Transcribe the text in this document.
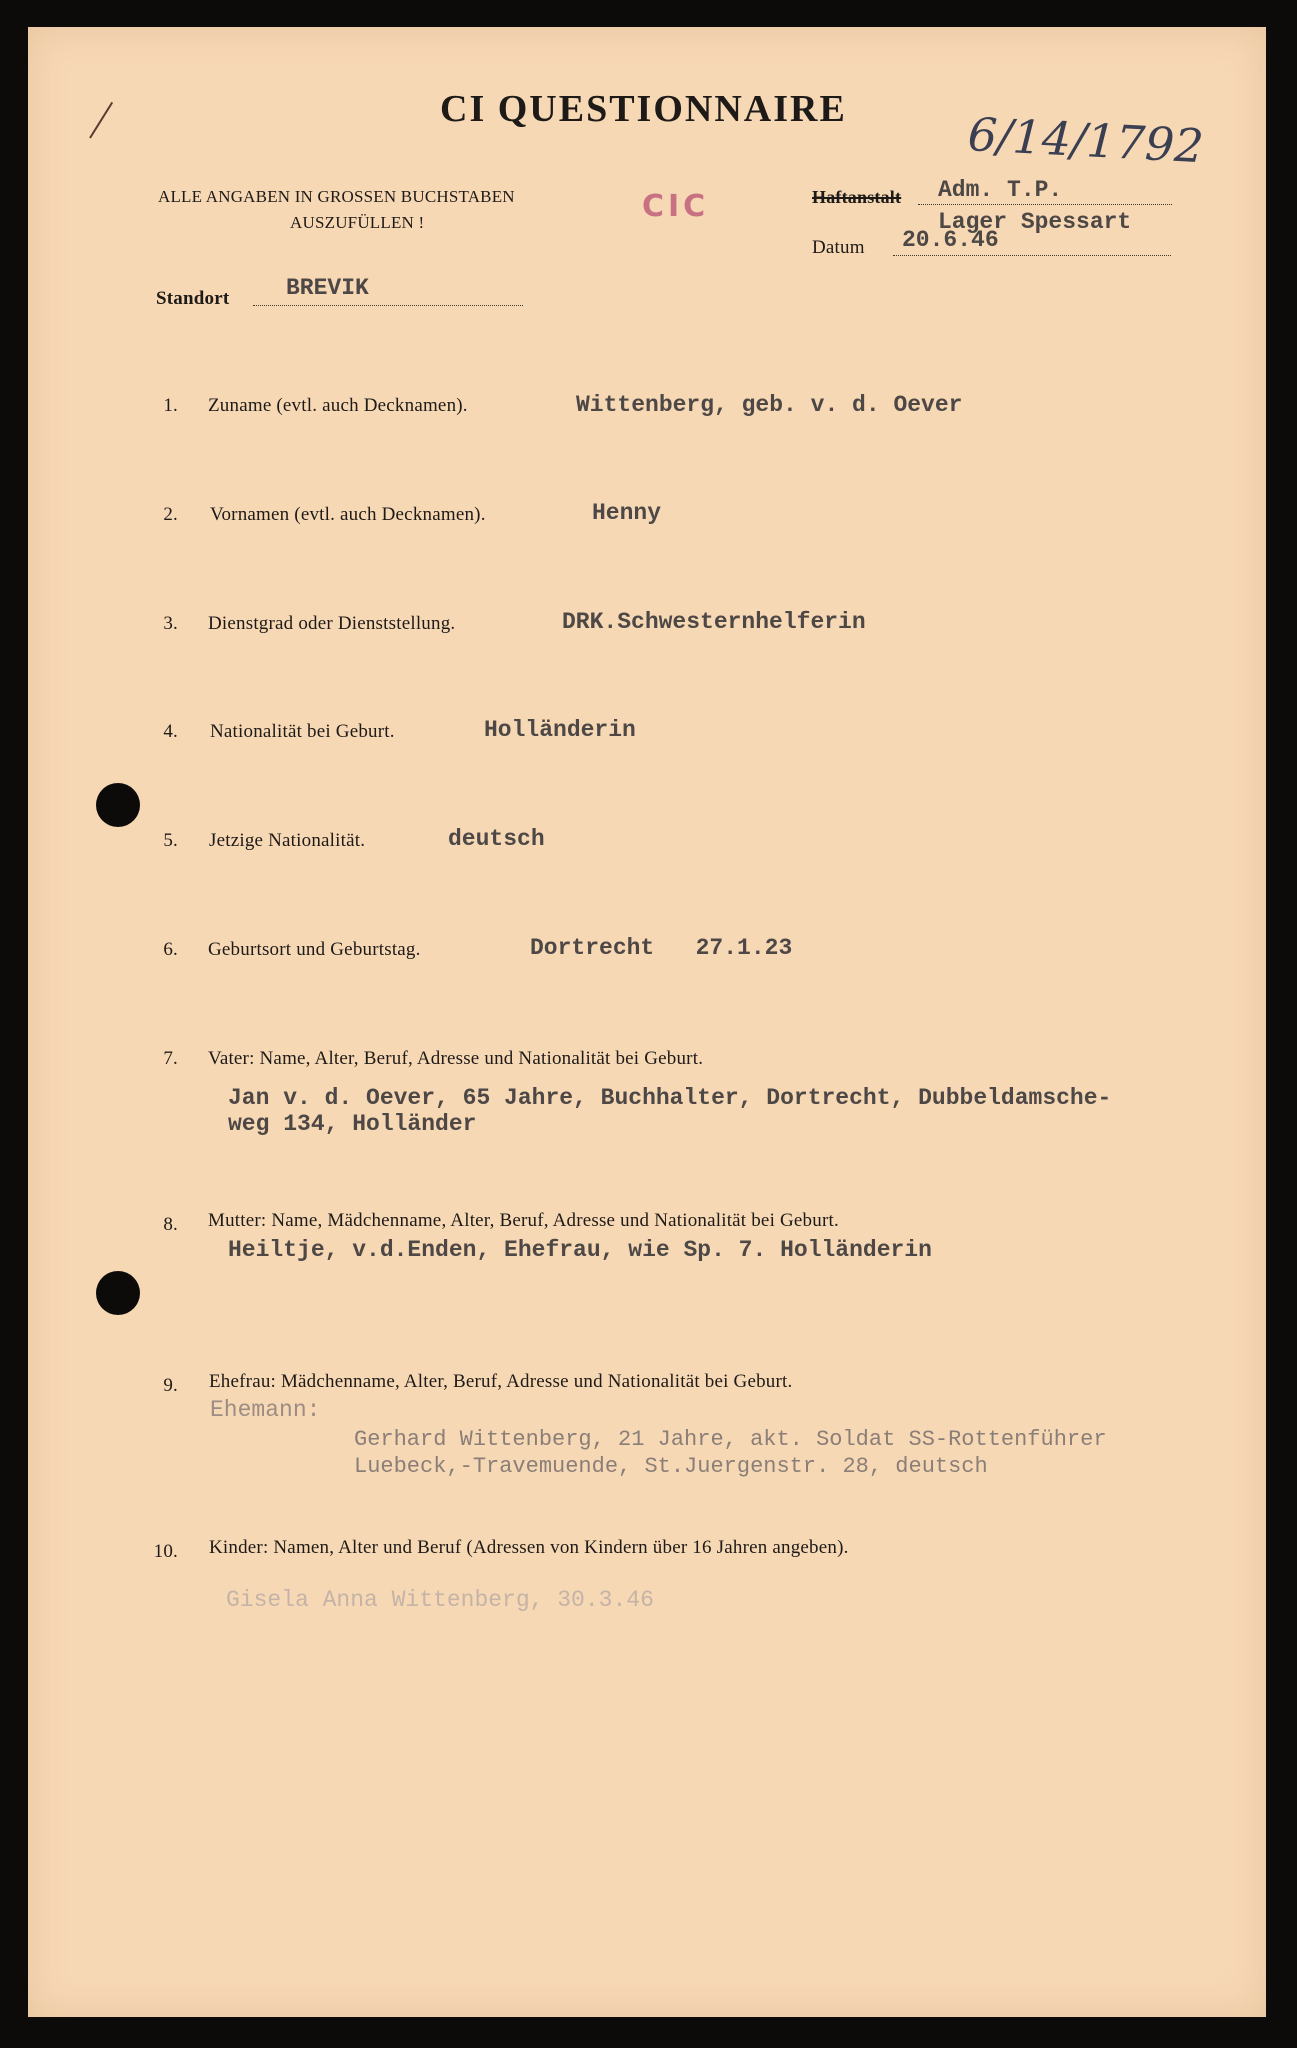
CI QUESTIONNAIRE	6/14/1792
ALLE ANGABEN IN GROSSEN BUCHSTABEN
AUSZUFÜLLEN !	CIC	Haftanstalt Adm. T.P.
Lager Spessart
Datum 20.6.46
Standort BREVIK
1. Zuname (evtl. auch Decknamen).	Wittenberg, geb. v. d. Oever
2. Vornamen (evtl. auch Decknamen).	Henny
3. Dienstgrad oder Dienststellung.	DRK.Schwesternhelferin
4. Nationalität bei Geburt.	Holländerin
5. Jetzige Nationalität.	deutsch
6. Geburtsort und Geburtstag.	Dortrecht   27.1.23
7. Vater: Name, Alter, Beruf, Adresse und Nationalität bei Geburt.
Jan v. d. Oever, 65 Jahre, Buchhalter, Dortrecht, Dubbeldamsche-
weg 134, Holländer
8. Mutter: Name, Mädchenname, Alter, Beruf, Adresse und Nationalität bei Geburt.
Heiltje, v.d.Enden, Ehefrau, wie Sp. 7. Holländerin
9. Ehefrau: Mädchenname, Alter, Beruf, Adresse und Nationalität bei Geburt.
Ehemann:
Gerhard Wittenberg, 21 Jahre, akt. Soldat SS-Rottenführer
Luebeck,-Travemuende, St.Juergenstr. 28, deutsch
10. Kinder: Namen, Alter und Beruf (Adressen von Kindern über 16 Jahren angeben).
Gisela Anna Wittenberg, 30.3.46
